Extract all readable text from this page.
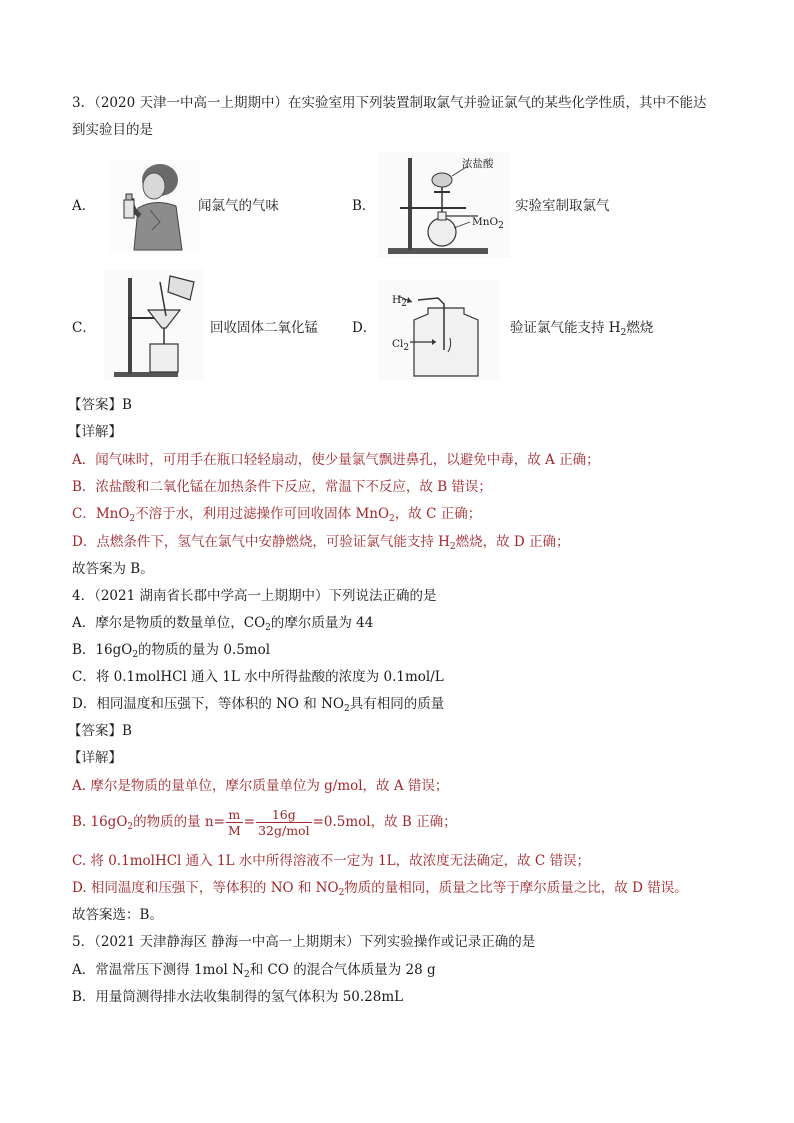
3．（2020 天津一中高一上期期中）在实验室用下列装置制取氯气并验证氯气的某些化学性质，其中不能达
到实验目的是
A．	闻氯气的气味	B．
浓盐酸
MnO$_2$
实验室制取氯气
C．	回收固体二氧化锰	D．
$H_2$
$Cl_2$
验证氯气能支持 $H_2$燃烧
【答案】B
【详解】
A．闻气味时，可用手在瓶口轻轻扇动，使少量氯气飘进鼻孔，以避免中毒，故 A 正确；
B．浓盐酸和二氧化锰在加热条件下反应，常温下不反应，故 B 错误；
C．MnO$_2$不溶于水，利用过滤操作可回收固体 MnO$_2$，故 C 正确；
D．点燃条件下，氢气在氯气中安静燃烧，可验证氯气能支持 $H_2$燃烧，故 D 正确；
故答案为 B。
4．（2021 湖南省长郡中学高一上期期中）下列说法正确的是
A．摩尔是物质的数量单位，$CO_2$的摩尔质量为 44
B．$16gO_2$的物质的量为 0.5mol
C．将 0.1molHCl 通入 1L 水中所得盐酸的浓度为 0.1mol/L
D．相同温度和压强下，等体积的 NO 和 $NO_2$具有相同的质量
【答案】B
【详解】
A. 摩尔是物质的量单位，摩尔质量单位为 g/mol，故 A 错误；
B. $16gO_2$的物质的量 $n= \frac{m}{M} = \frac{16g}{\text{32g/mol}} =0.5mol$，故 B 正确；
C. 将 0.1molHCl 通入 1L 水中所得溶液不一定为 1L，故浓度无法确定，故 C 错误；
D. 相同温度和压强下，等体积的 NO 和 $NO_2$物质的量相同，质量之比等于摩尔质量之比，故 D 错误。
故答案选：B。
5．（2021 天津静海区 静海一中高一上期期末）下列实验操作或记录正确的是
A．常温常压下测得 1mol $N_2$和 CO 的混合气体质量为 28 g
B．用量筒测得排水法收集制得的氢气体积为 50.28mL
